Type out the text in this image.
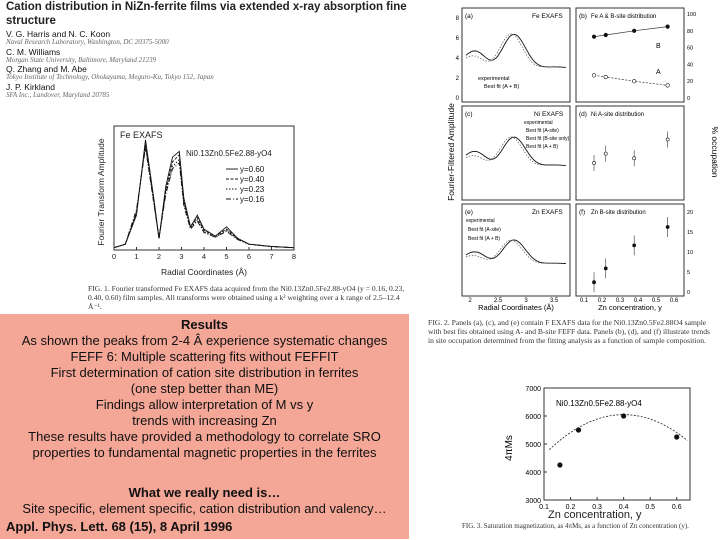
Cation distribution in NiZn-ferrite films via extended x-ray absorption fine structure
V. G. Harris and N. C. Koon
Naval Research Laboratory, Washington, DC 20375-5000
C. M. Williams
Morgan State University, Baltimore, Maryland 21239
Q. Zhang and M. Abe
Tokyo Institute of Technology, Ohokayama, Meguro-Ku, Tokyo 152, Japan
J. P. Kirkland
SFA Inc., Landover, Maryland 20785
Fe EXAFS
Ni0.13Zn0.5Fe2.88-yO4
y=0.60
y=0.40
y=0.23
y=0.16
0 1 2 3 4 5 6 7 8
Radial Coordinates (Å)
Fourier Transform Amplitude
FIG. 1. Fourier transformed Fe EXAFS data acquired from the Ni0.13Zn0.5Fe2.88-yO4 (y = 0.16, 0.23, 0.40, 0.60) film samples. All transforms were obtained using a k² weighting over a k range of 2.5–12.4 Å⁻¹.
Results
As shown the peaks from 2-4 Â experience systematic changes
FEFF 6: Multiple scattering fits without FEFFIT
First determination of cation site distribution in ferrites
(one step better than ME)
Findings allow interpretation of M vs y
trends with increasing Zn
These results have provided a methodology to correlate SRO
properties to fundamental magnetic properties in the ferrites
What we really need is…
Site specific, element specific, cation distribution and valency…
Appl. Phys. Lett. 68 (15), 8 April 1996
(a)	Fe EXAFS	(b) Fe A & B-site distribution
(c)	Ni EXAFS (d) Ni A-site distribution
(e)	Zn EXAFS	(f) Zn B-site distribution
experimental
Best fit (A + B)
experimental
Best fit (A-site)
Best fit (B-site only)
Best fit (A + B)
experimental
Best fit (A-site)
Best fit (A + B)
2	2.5	3	3.5	0.1 0.2 0.3 0.4 0.5 0.6
0
2
4
6
8
0
20
40
60
80
100
0
5
10
15
20
B
A
Radial Coordinates (Å)	Zn concentration, y
Fourier-Filtered Amplitude	% occupation
FIG. 2. Panels (a), (c), and (e) contain F EXAFS data for the Ni0.13Zn0.5Fe2.88O4 sample with best fits obtained using A- and B-site FEFF data. Panels (b), (d), and (f) illustrate trends in site occupation determined from the fitting analysis as a function of sample composition.
Ni0.13Zn0.5Fe2.88-yO4
3000
4000
5000
6000
7000
0.1 0.2 0.3 0.4 0.5 0.6
4πMs
Zn concentration, y
FIG. 3. Saturation magnetization, as 4πMs, as a function of Zn concentration (y).
